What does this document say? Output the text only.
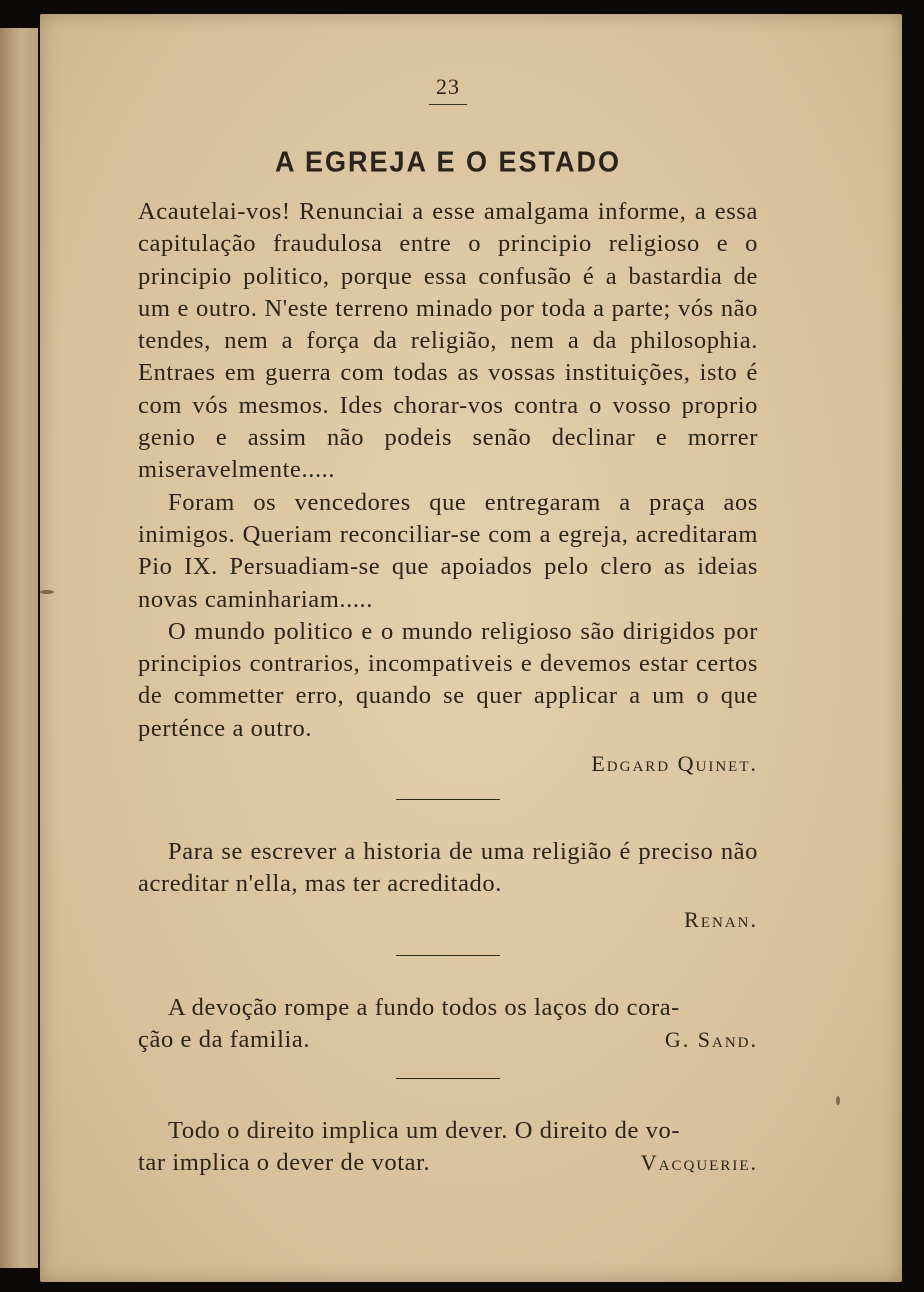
23
A EGREJA E O ESTADO

Acautelai-vos! Renunciai a esse amalgama informe, a essa capitulação fraudulosa entre o principio religioso e o principio politico, porque essa confusão é a bastardia de um e outro. N'este terreno minado por toda a parte; vós não tendes, nem a força da religião, nem a da philosophia. Entraes em guerra com todas as vossas instituições, isto é com vós mesmos. Ides chorar-vos contra o vosso proprio genio e assim não podeis senão declinar e morrer miseravelmente.....

Foram os vencedores que entregaram a praça aos inimigos. Queriam reconciliar-se com a egreja, acreditaram Pio IX. Persuadiam-se que apoiados pelo clero as ideias novas caminhariam.....

O mundo politico e o mundo religioso são dirigidos por principios contrarios, incompativeis e devemos estar certos de commetter erro, quando se quer applicar a um o que perténce a outro.

Edgard Quinet.

Para se escrever a historia de uma religião é preciso não acreditar n'ella, mas ter acreditado.

Renan.

A devoção rompe a fundo todos os laços do cora-

ção e da familia.	G. Sand.

Todo o direito implica um dever. O direito de vo-

tar implica o dever de votar.	Vacquerie.
